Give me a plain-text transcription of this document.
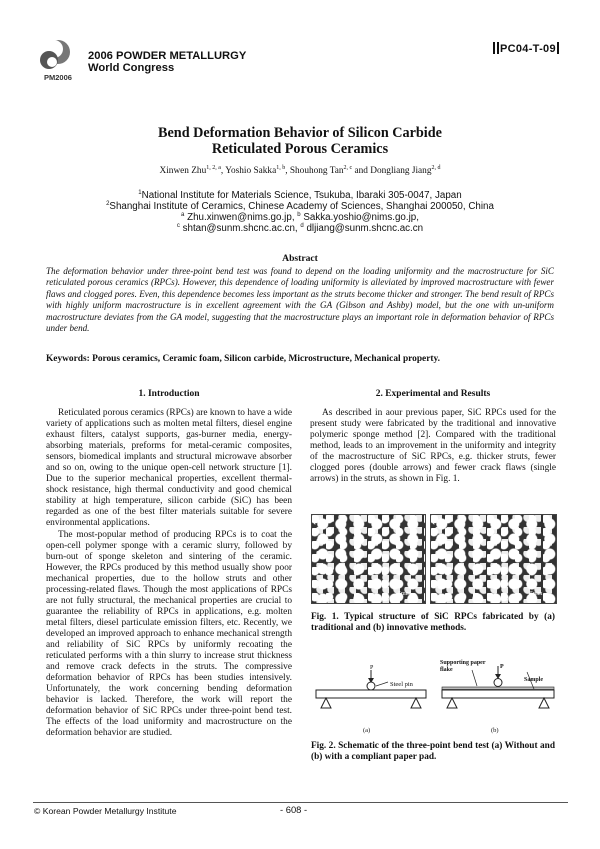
PM2006
2006 POWDER METALLURGY
World Congress
PC04-T-09
Bend Deformation Behavior of Silicon Carbide
Reticulated Porous Ceramics
Xinwen Zhu$^{1, 2, a}$, Yoshio Sakka$^{1, b}$, Shouhong Tan$^{2, c}$ and Dongliang Jiang$^{2, d}$
$^1$National Institute for Materials Science, Tsukuba, Ibaraki 305-0047, Japan
$^2$Shanghai Institute of Ceramics, Chinese Academy of Sciences, Shanghai 200050, China
$^a$ Zhu.xinwen@nims.go.jp, $^b$ Sakka.yoshio@nims.go.jp,
$^c$ shtan@sunm.shcnc.ac.cn, $^d$ dljiang@sunm.shcnc.ac.cn
Abstract
The deformation behavior under three-point bend test was found to depend on the loading uniformity and the macrostructure for SiC reticulated porous ceramics (RPCs). However, this dependence of loading uniformity is alleviated by improved macrostructure with fewer flaws and clogged pores. Even, this dependence becomes less important as the struts become thicker and stronger. The bend result of RPCs with highly uniform macrostructure is in excellent agreement with the GA (Gibson and Ashby) model, but the one with un-uniform macrostructure deviates from the GA model, suggesting that the macrostructure plays an important role in deformation behavior of RPCs under bend.
Keywords: Porous ceramics, Ceramic foam, Silicon carbide, Microstructure, Mechanical property.
1. Introduction

Reticulated porous ceramics (RPCs) are known to have a wide variety of applications such as molten metal filters, diesel engine exhaust filters, catalyst supports, gas-burner media, energy-absorbing materials, preforms for metal-ceramic composites, sensors, biomedical implants and structural microwave absorber and so on, owing to the unique open-cell network structure [1]. Due to the superior mechanical properties, excellent thermal-shock resistance, high thermal conductivity and good chemical stability at high temperature, silicon carbide (SiC) has been regarded as one of the best filter materials suitable for severe environmental applications.

The most-popular method of producing RPCs is to coat the open-cell polymer sponge with a ceramic slurry, followed by burn-out of sponge skeleton and sintering of the ceramic. However, the RPCs produced by this method usually show poor mechanical properties, due to the hollow struts and other processing-related flaws. Though the most applications of RPCs are not fully structural, the mechanical properties are crucial to guarantee the reliability of RPCs in applications, e.g. molten metal filters, diesel particulate emission filters, etc. Recently, we developed an improved approach to enhance mechanical strength and reliability of SiC RPCs by uniformly recoating the reticulated performs with a thin slurry to increase strut thickness and remove crack defects in the struts. The compressive deformation behavior of RPCs has been studies intensively. Unfortunately, the work concerning bending deformation behavior is lacked. Therefore, the work will report the deformation behavior of SiC RPCs under three-point bend test. The effects of the load uniformity and macrostructure on the deformation behavior are studied.

2. Experimental and Results

As described in aour previous paper, SiC RPCs used for the present study were fabricated by the traditional and innovative polymeric sponge method [2]. Compared with the traditional method, leads to an improvement in the uniformity and integrity of the macrostructure of SiC RPCs, e.g. thicker struts, fewer clogged pores (double arrows) and fewer crack flaws (single arrows) in the struts, as shown in Fig. 1.

(a)
5mm
(b)
5mm
Fig. 1. Typical structure of SiC RPCs fabricated by (a) traditional and (b) innovative methods.
P
Steel pin
(a)
Supporting paper flake	P
Sample
(b)
Fig. 2. Schematic of the three-point bend test (a) Without and (b) with a compliant paper pad.
© Korean Powder Metallurgy Institute	- 608 -
